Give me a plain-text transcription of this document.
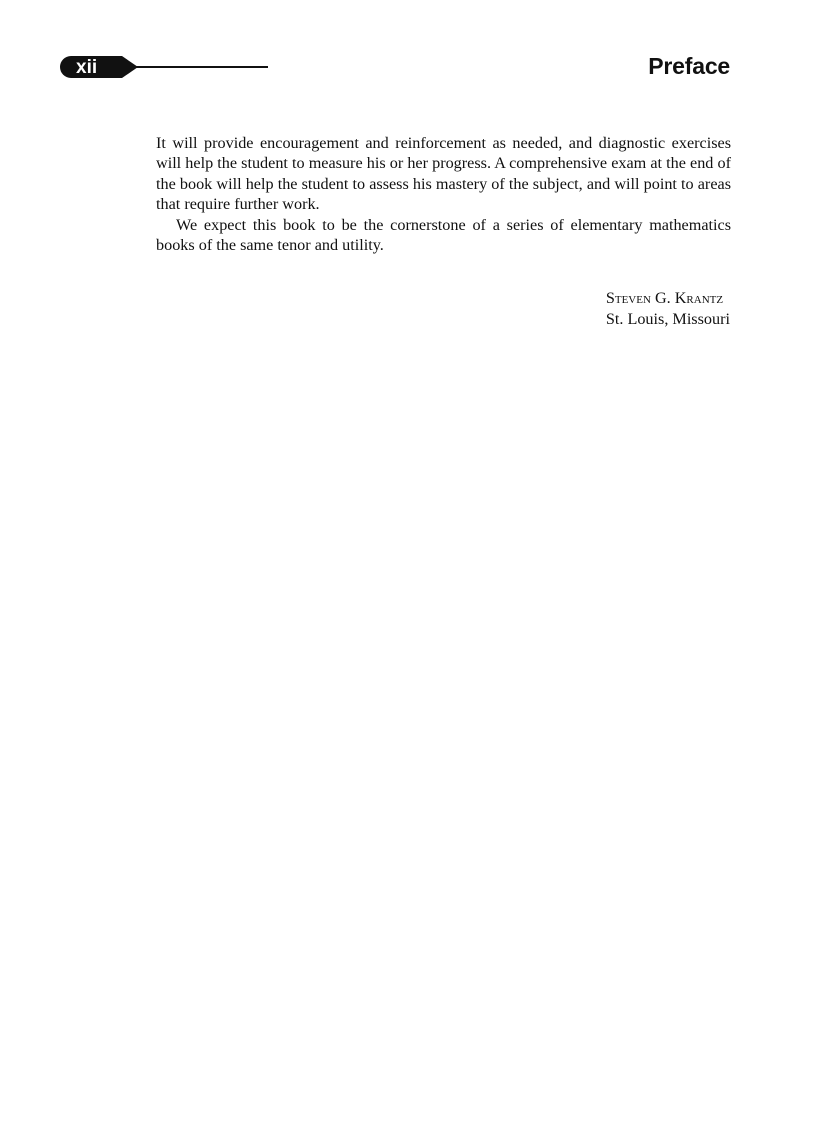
xii	Preface

It will provide encouragement and reinforcement as needed, and diagnostic exercises will help the student to measure his or her progress. A comprehensive exam at the end of the book will help the student to assess his mastery of the subject, and will point to areas that require further work.

We expect this book to be the cornerstone of a series of elementary mathematics books of the same tenor and utility.

Steven G. Krantz
St. Louis, Missouri
